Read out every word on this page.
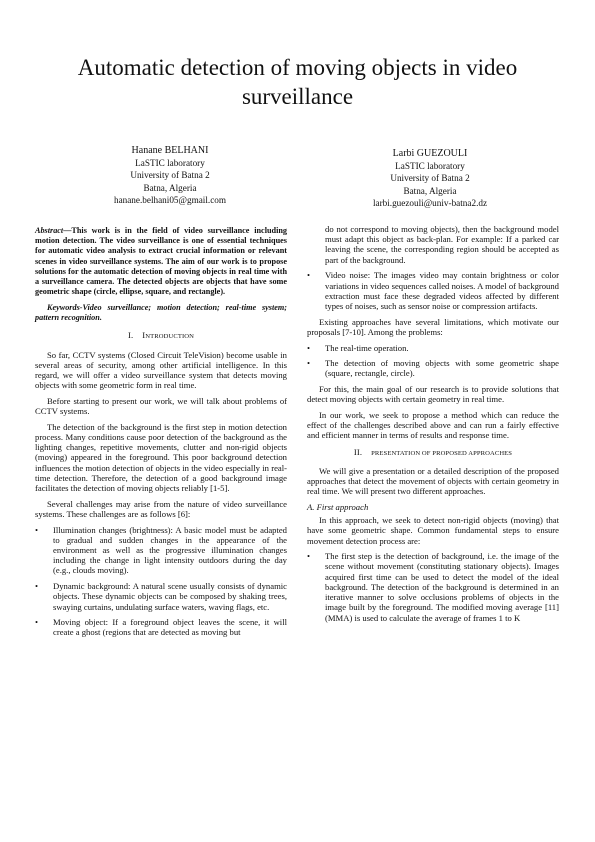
Automatic detection of moving objects in video surveillance
Hanane BELHANI
LaSTIC laboratory
University of Batna 2
Batna, Algeria
hanane.belhani05@gmail.com
Larbi GUEZOULI
LaSTIC laboratory
University of Batna 2
Batna, Algeria
larbi.guezouli@univ-batna2.dz

Abstract—This work is in the field of video surveillance including motion detection. The video surveillance is one of essential techniques for automatic video analysis to extract crucial information or relevant scenes in video surveillance systems. The aim of our work is to propose solutions for the automatic detection of moving objects in real time with a surveillance camera. The detected objects are objects that have some geometric shape (circle, ellipse, square, and rectangle).

Keywords-Video surveillance; motion detection; real-time system; pattern recognition.

I. INTRODUCTION

So far, CCTV systems (Closed Circuit TeleVision) become usable in several areas of security, among other artificial intelligence. In this regard, we will offer a video surveillance system that detects moving objects with some geometric form in real time.

Before starting to present our work, we will talk about problems of CCTV systems.

The detection of the background is the first step in motion detection process. Many conditions cause poor detection of the background as the lighting changes, repetitive movements, clutter and non-rigid objects (moving) appeared in the foreground. This poor background detection influences the motion detection of objects in the video especially in real-time detection. Therefore, the detection of a good background image facilitates the detection of moving objects reliably [1-5].

Several challenges may arise from the nature of video surveillance systems. These challenges are as follows [6]:

• Illumination changes (brightness): A basic model must be adapted to gradual and sudden changes in the appearance of the environment as well as the progressive illumination changes including the change in light intensity outdoors during the day (e.g., clouds moving).
• Dynamic background: A natural scene usually consists of dynamic objects. These dynamic objects can be composed by shaking trees, swaying curtains, undulating surface waters, waving flags, etc.
• Moving object: If a foreground object leaves the scene, it will create a ghost (regions that are detected as moving but

do not correspond to moving objects), then the background model must adapt this object as back-plan. For example: If a parked car leaving the scene, the corresponding region should be accepted as part of the background.

• Video noise: The images video may contain brightness or color variations in video sequences called noises. A model of background extraction must face these degraded videos affected by different types of noises, such as sensor noise or compression artifacts.

Existing approaches have several limitations, which motivate our proposals [7-10]. Among the problems:

• The real-time operation.
• The detection of moving objects with some geometric shape (square, rectangle, circle).

For this, the main goal of our research is to provide solutions that detect moving objects with certain geometry in real time.

In our work, we seek to propose a method which can reduce the effect of the challenges described above and can run a fairly effective and efficient manner in terms of results and response time.

II. PRESENTATION OF PROPOSED APPROACHES

We will give a presentation or a detailed description of the proposed approaches that detect the movement of objects with certain geometry in real time. We will present two different approaches.

A. First approach

In this approach, we seek to detect non-rigid objects (moving) that have some geometric shape. Common fundamental steps to ensure movement detection process are:

• The first step is the detection of background, i.e. the image of the scene without movement (constituting stationary objects). Images acquired first time can be used to detect the model of the ideal background. The detection of the background is determined in an iterative manner to solve occlusions problems of objects in the image built by the foreground. The modified moving average [11] (MMA) is used to calculate the average of frames 1 to K
